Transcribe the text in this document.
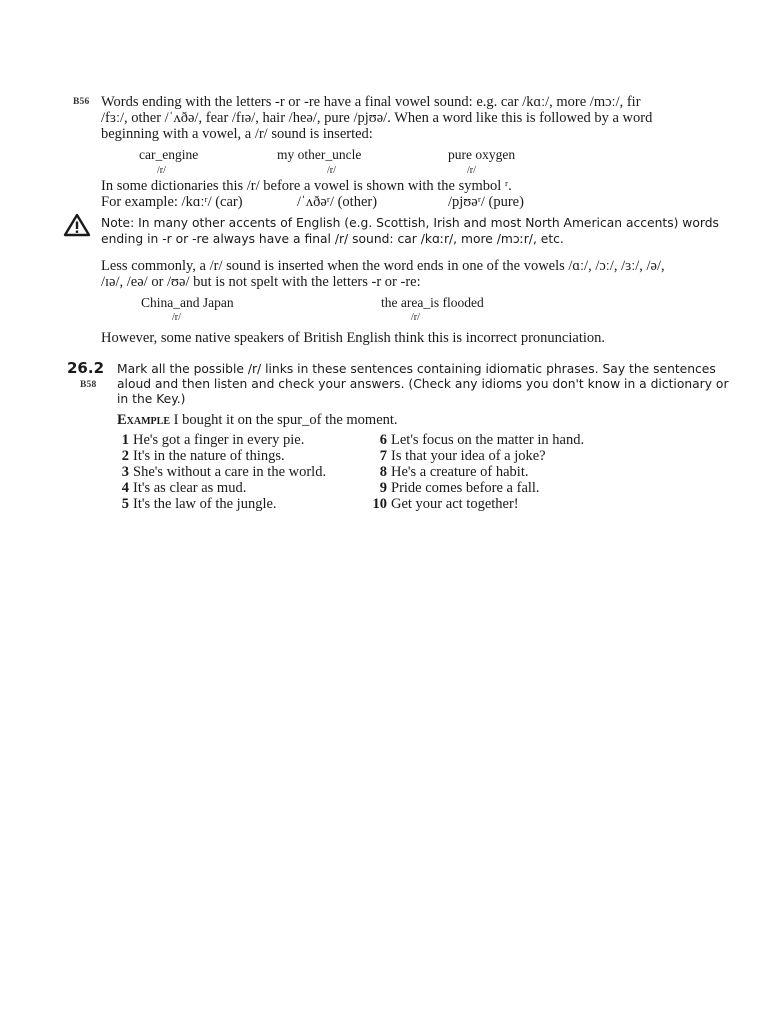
B56 Words ending with the letters -r or -re have a final vowel sound: e.g. car /kɑː/, more /mɔː/, fir
/fɜː/, other /ˈʌðə/, fear /fɪə/, hair /heə/, pure /pjʊə/. When a word like this is followed by a word
beginning with a vowel, a /r/ sound is inserted:
car_engine
/r/
my other_uncle
/r/
pure oxygen
/r/
In some dictionaries this /r/ before a vowel is shown with the symbol ʳ.
For example: /kɑːʳ/ (car)	/ˈʌðəʳ/ (other)	/pjʊəʳ/ (pure)
Note: In many other accents of English (e.g. Scottish, Irish and most North American accents) words
ending in -r or -re always have a final /r/ sound: car /kɑːr/, more /mɔːr/, etc.
Less commonly, a /r/ sound is inserted when the word ends in one of the vowels /ɑː/, /ɔː/, /ɜː/, /ə/,
/ɪə/, /eə/ or /ʊə/ but is not spelt with the letters -r or -re:
China_and Japan
/r/
the area_is flooded
/r/
However, some native speakers of British English think this is incorrect pronunciation.
26.2
B58
Mark all the possible /r/ links in these sentences containing idiomatic phrases. Say the sentences
aloud and then listen and check your answers. (Check any idioms you don't know in a dictionary or
in the Key.)
Example I bought it on the spur_of the moment.
1 He's got a finger in every pie.
2 It's in the nature of things.
3 She's without a care in the world.
4 It's as clear as mud.
5 It's the law of the jungle.
6 Let's focus on the matter in hand.
7 Is that your idea of a joke?
8 He's a creature of habit.
9 Pride comes before a fall.
10 Get your act together!
